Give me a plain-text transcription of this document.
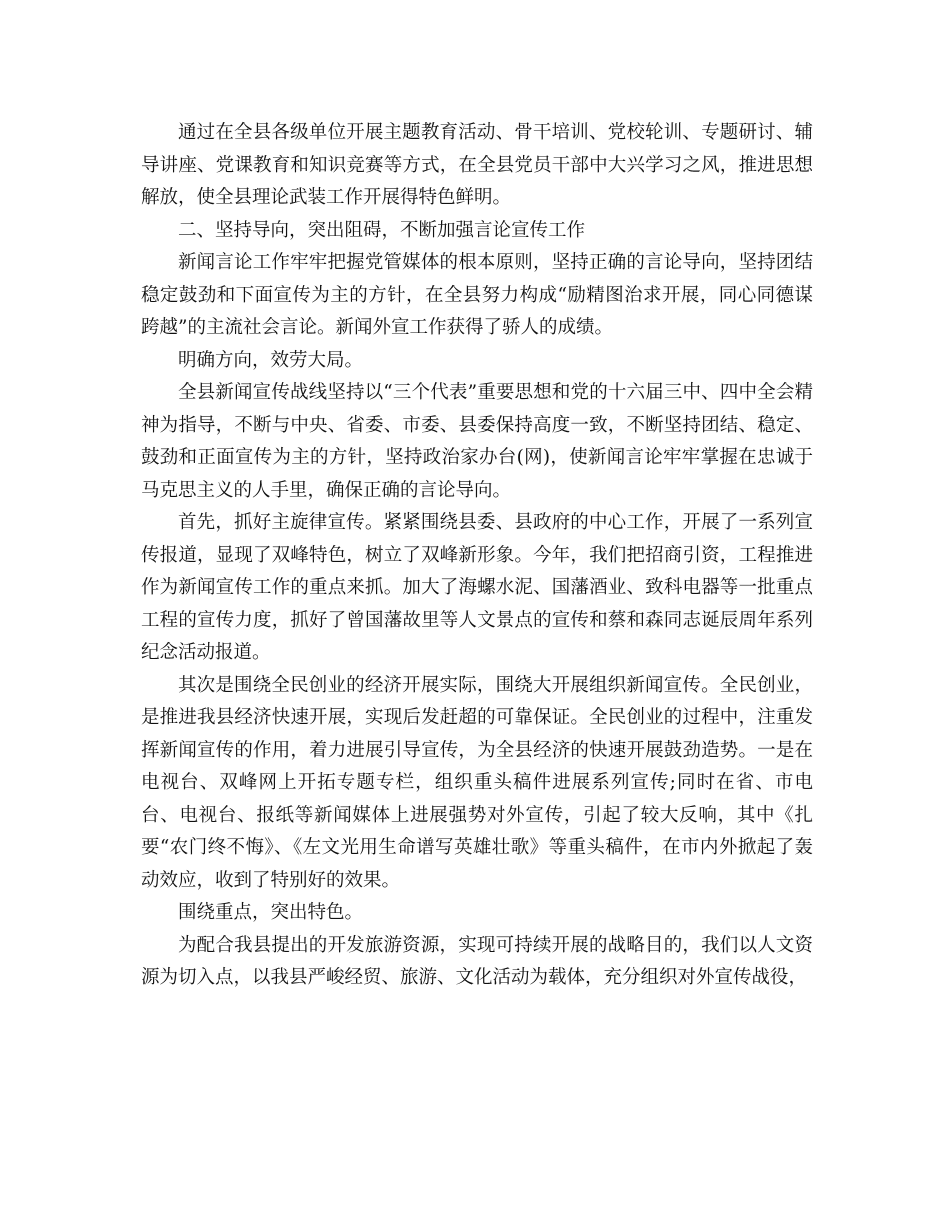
通过在全县各级单位开展主题教育活动、骨干培训、党校轮训、专题研讨、辅导讲座、党课教育和知识竞赛等方式，在全县党员干部中大兴学习之风，推进思想解放，使全县理论武装工作开展得特色鲜明。

二、坚持导向，突出阻碍，不断加强言论宣传工作

新闻言论工作牢牢把握党管媒体的根本原则，坚持正确的言论导向，坚持团结稳定鼓劲和下面宣传为主的方针，在全县努力构成“励精图治求开展，同心同德谋跨越”的主流社会言论。新闻外宣工作获得了骄人的成绩。

明确方向，效劳大局。

全县新闻宣传战线坚持以“三个代表”重要思想和党的十六届三中、四中全会精神为指导，不断与中央、省委、市委、县委保持高度一致，不断坚持团结、稳定、鼓劲和正面宣传为主的方针，坚持政治家办台(网)，使新闻言论牢牢掌握在忠诚于马克思主义的人手里，确保正确的言论导向。

首先，抓好主旋律宣传。紧紧围绕县委、县政府的中心工作，开展了一系列宣传报道，显现了双峰特色，树立了双峰新形象。今年，我们把招商引资，工程推进作为新闻宣传工作的重点来抓。加大了海螺水泥、国藩酒业、致科电器等一批重点工程的宣传力度，抓好了曾国藩故里等人文景点的宣传和蔡和森同志诞辰周年系列纪念活动报道。

其次是围绕全民创业的经济开展实际，围绕大开展组织新闻宣传。全民创业，是推进我县经济快速开展，实现后发赶超的可靠保证。全民创业的过程中，注重发挥新闻宣传的作用，着力进展引导宣传，为全县经济的快速开展鼓劲造势。一是在电视台、双峰网上开拓专题专栏，组织重头稿件进展系列宣传;同时在省、市电台、电视台、报纸等新闻媒体上进展强势对外宣传，引起了较大反响，其中《扎要“农门终不悔》、《左文光用生命谱写英雄壮歌》等重头稿件，在市内外掀起了轰动效应，收到了特别好的效果。

围绕重点，突出特色。

为配合我县提出的开发旅游资源，实现可持续开展的战略目的，我们以人文资源为切入点，以我县严峻经贸、旅游、文化活动为载体，充分组织对外宣传战役，
